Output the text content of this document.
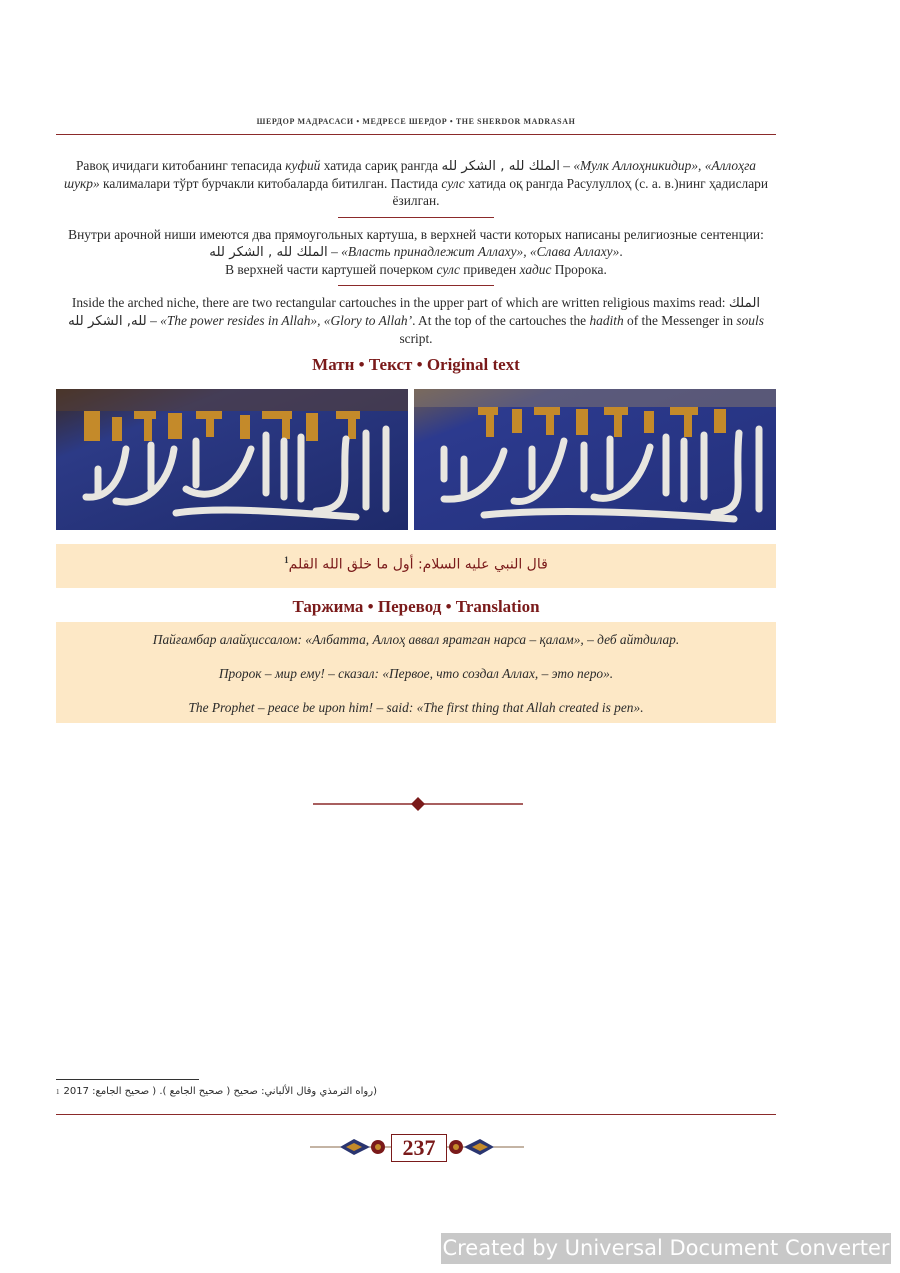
ШЕРДОР МАДРАСАСИ • МЕДРЕСЕ ШЕРДОР • THE SHERDOR MADRASAH

Равоқ ичидаги китобанинг тепасида куфий хатида сариқ рангда الملك لله , الشكر لله – «Мулк Аллоҳникидир», «Аллоҳга шукр» калималари тўрт бурчакли китобаларда битилган. Пастида сулс хатида оқ рангда Расулуллоҳ (с. а. в.)нинг ҳадислари ёзилган.

Внутри арочной ниши имеются два прямоугольных картуша, в верхней части которых написаны религиозные сентенции: الملك لله , الشكر لله – «Власть принадлежит Аллаху», «Слава Аллаху».

В верхней части картушей почерком сулс приведен хадис Пророка.

Inside the arched niche, there are two rectangular cartouches in the upper part of which are written religious maxims read: الملك لله, الشكر لله – «The power resides in Allah», «Glory to Allah’. At the top of the cartouches the hadith of the Messenger in souls script.

Матн • Текст • Original text
قال النبي عليه السلام: أول ما خلق الله القلم$^1$
Таржима • Перевод • Translation

Пайғамбар алайҳиссалом: «Албатта, Аллоҳ аввал яратган нарса – қалам», – деб айтдилар.

Пророк – мир ему! – сказал: «Первое, что создал Аллах, – это перо».

The Prophet – peace be upon him! – said: «The first thing that Allah created is pen».

1 (رواه الترمذي وقال الألباني: صحيح ( صحيح الجامع ). ( صحيح الجامع: 2017
237
Created by Universal Document Converter
